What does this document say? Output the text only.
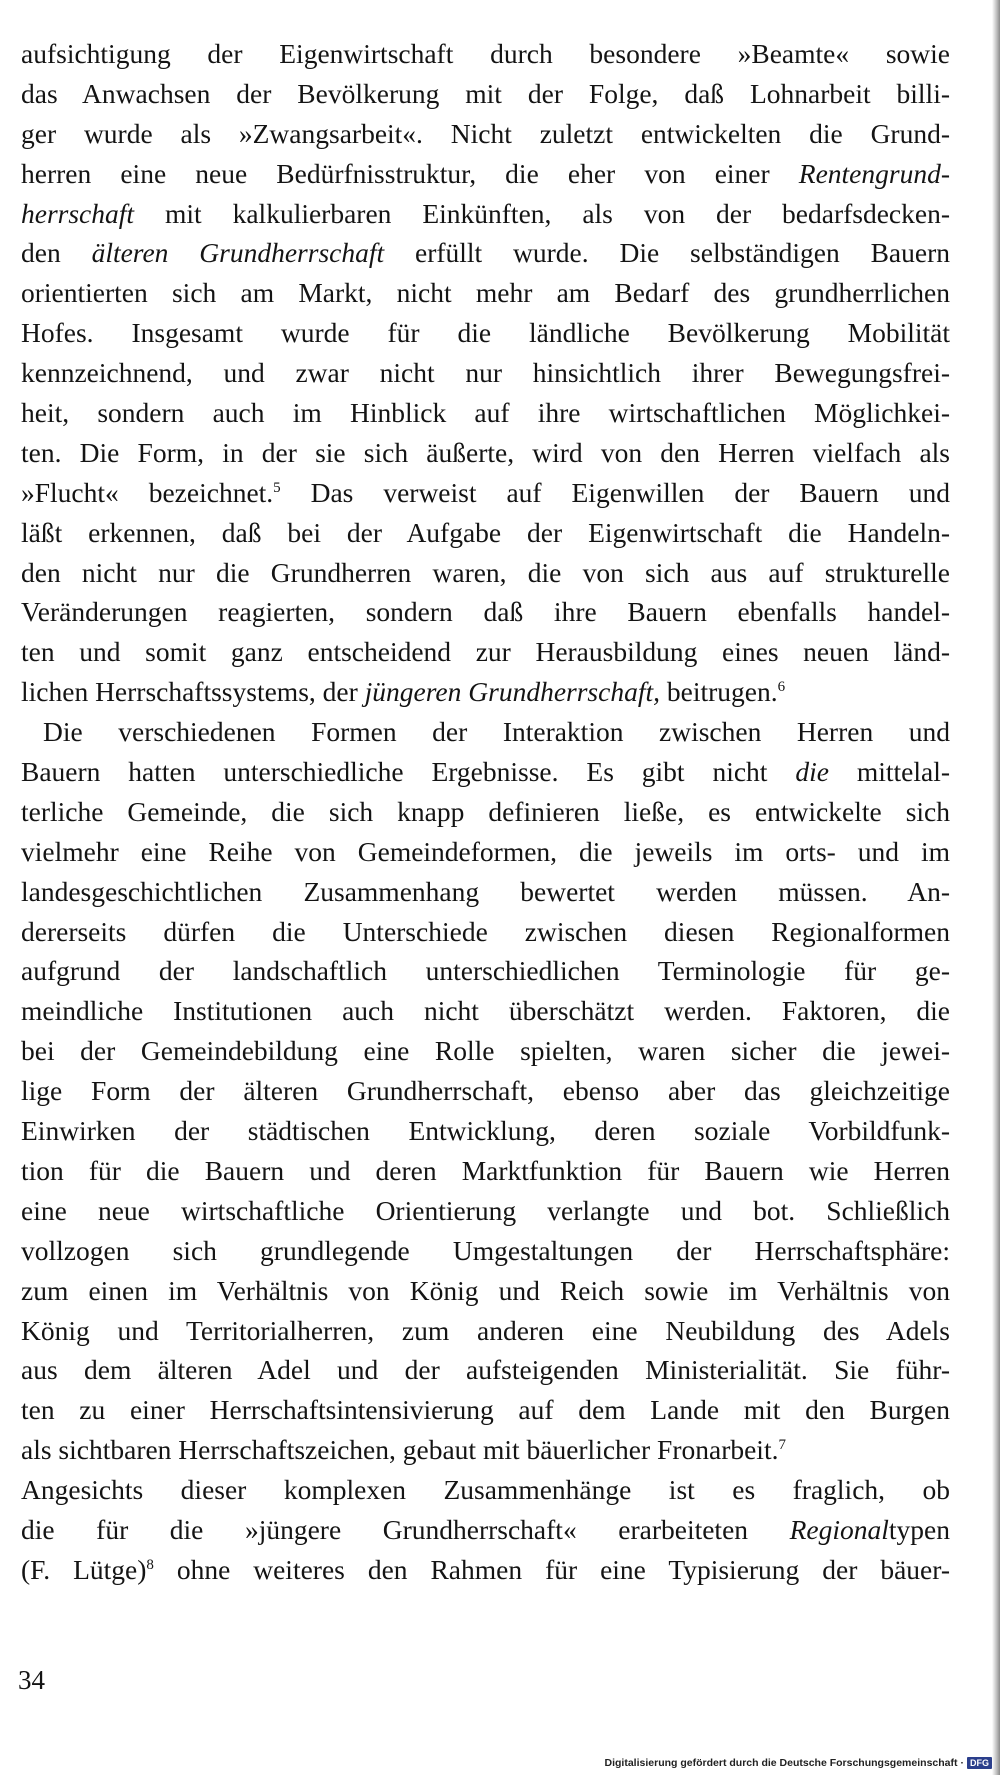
aufsichtigung der Eigenwirtschaft durch besondere »Beamte« sowie
das Anwachsen der Bevölkerung mit der Folge, daß Lohnarbeit billi-
ger wurde als »Zwangsarbeit«. Nicht zuletzt entwickelten die Grund-
herren eine neue Bedürfnisstruktur, die eher von einer Rentengrund-
herrschaft mit kalkulierbaren Einkünften, als von der bedarfsdecken-
den älteren Grundherrschaft erfüllt wurde. Die selbständigen Bauern
orientierten sich am Markt, nicht mehr am Bedarf des grundherrlichen
Hofes. Insgesamt wurde für die ländliche Bevölkerung Mobilität
kennzeichnend, und zwar nicht nur hinsichtlich ihrer Bewegungsfrei-
heit, sondern auch im Hinblick auf ihre wirtschaftlichen Möglichkei-
ten. Die Form, in der sie sich äußerte, wird von den Herren vielfach als
»Flucht« bezeichnet.$^5$ Das verweist auf Eigenwillen der Bauern und
läßt erkennen, daß bei der Aufgabe der Eigenwirtschaft die Handeln-
den nicht nur die Grundherren waren, die von sich aus auf strukturelle
Veränderungen reagierten, sondern daß ihre Bauern ebenfalls handel-
ten und somit ganz entscheidend zur Herausbildung eines neuen länd-
lichen Herrschaftssystems, der jüngeren Grundherrschaft, beitrugen.$^6$
Die verschiedenen Formen der Interaktion zwischen Herren und
Bauern hatten unterschiedliche Ergebnisse. Es gibt nicht die mittelal-
terliche Gemeinde, die sich knapp definieren ließe, es entwickelte sich
vielmehr eine Reihe von Gemeindeformen, die jeweils im orts- und im
landesgeschichtlichen Zusammenhang bewertet werden müssen. An-
dererseits dürfen die Unterschiede zwischen diesen Regionalformen
aufgrund der landschaftlich unterschiedlichen Terminologie für ge-
meindliche Institutionen auch nicht überschätzt werden. Faktoren, die
bei der Gemeindebildung eine Rolle spielten, waren sicher die jewei-
lige Form der älteren Grundherrschaft, ebenso aber das gleichzeitige
Einwirken der städtischen Entwicklung, deren soziale Vorbildfunk-
tion für die Bauern und deren Marktfunktion für Bauern wie Herren
eine neue wirtschaftliche Orientierung verlangte und bot. Schließlich
vollzogen sich grundlegende Umgestaltungen der Herrschaftsphäre:
zum einen im Verhältnis von König und Reich sowie im Verhältnis von
König und Territorialherren, zum anderen eine Neubildung des Adels
aus dem älteren Adel und der aufsteigenden Ministerialität. Sie führ-
ten zu einer Herrschaftsintensivierung auf dem Lande mit den Burgen
als sichtbaren Herrschaftszeichen, gebaut mit bäuerlicher Fronarbeit.$^7$
Angesichts dieser komplexen Zusammenhänge ist es fraglich, ob
die für die »jüngere Grundherrschaft« erarbeiteten Regionaltypen
(F. Lütge)$^8$ ohne weiteres den Rahmen für eine Typisierung der bäuer-
34
Digitalisierung gefördert durch die Deutsche Forschungsgemeinschaft · DFG
